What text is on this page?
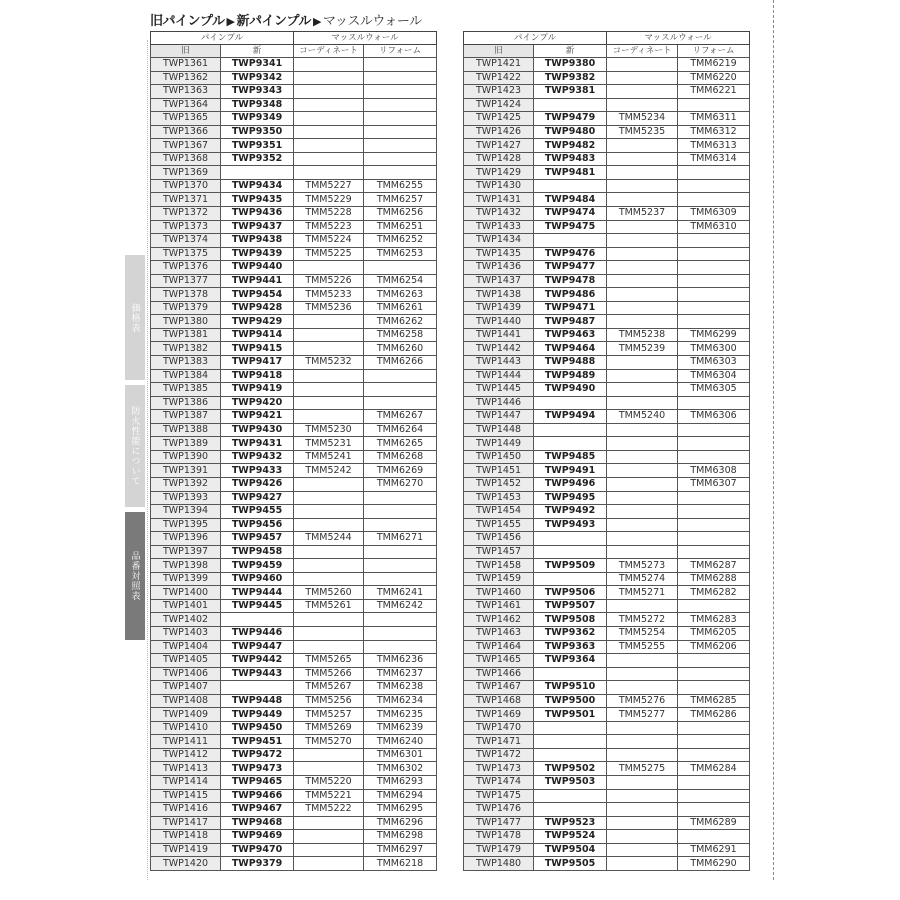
旧パインプル ▶ 新パインプル ▶ マッスルウォール
価格表
防火性能について
品番対照表
パインプル		マッスルウォール	
旧	新	コーディネート	リフォーム
TWP1361	TWP9341		
TWP1362	TWP9342		
TWP1363	TWP9343		
TWP1364	TWP9348		
TWP1365	TWP9349		
TWP1366	TWP9350		
TWP1367	TWP9351		
TWP1368	TWP9352		
TWP1369			
TWP1370	TWP9434	TMM5227	TMM6255
TWP1371	TWP9435	TMM5229	TMM6257
TWP1372	TWP9436	TMM5228	TMM6256
TWP1373	TWP9437	TMM5223	TMM6251
TWP1374	TWP9438	TMM5224	TMM6252
TWP1375	TWP9439	TMM5225	TMM6253
TWP1376	TWP9440		
TWP1377	TWP9441	TMM5226	TMM6254
TWP1378	TWP9454	TMM5233	TMM6263
TWP1379	TWP9428	TMM5236	TMM6261
TWP1380	TWP9429		TMM6262
TWP1381	TWP9414		TMM6258
TWP1382	TWP9415		TMM6260
TWP1383	TWP9417	TMM5232	TMM6266
TWP1384	TWP9418		
TWP1385	TWP9419		
TWP1386	TWP9420		
TWP1387	TWP9421		TMM6267
TWP1388	TWP9430	TMM5230	TMM6264
TWP1389	TWP9431	TMM5231	TMM6265
TWP1390	TWP9432	TMM5241	TMM6268
TWP1391	TWP9433	TMM5242	TMM6269
TWP1392	TWP9426		TMM6270
TWP1393	TWP9427		
TWP1394	TWP9455		
TWP1395	TWP9456		
TWP1396	TWP9457	TMM5244	TMM6271
TWP1397	TWP9458		
TWP1398	TWP9459		
TWP1399	TWP9460		
TWP1400	TWP9444	TMM5260	TMM6241
TWP1401	TWP9445	TMM5261	TMM6242
TWP1402			
TWP1403	TWP9446		
TWP1404	TWP9447		
TWP1405	TWP9442	TMM5265	TMM6236
TWP1406	TWP9443	TMM5266	TMM6237
TWP1407		TMM5267	TMM6238
TWP1408	TWP9448	TMM5256	TMM6234
TWP1409	TWP9449	TMM5257	TMM6235
TWP1410	TWP9450	TMM5269	TMM6239
TWP1411	TWP9451	TMM5270	TMM6240
TWP1412	TWP9472		TMM6301
TWP1413	TWP9473		TMM6302
TWP1414	TWP9465	TMM5220	TMM6293
TWP1415	TWP9466	TMM5221	TMM6294
TWP1416	TWP9467	TMM5222	TMM6295
TWP1417	TWP9468		TMM6296
TWP1418	TWP9469		TMM6298
TWP1419	TWP9470		TMM6297
TWP1420	TWP9379		TMM6218
パインプル		マッスルウォール	
旧	新	コーディネート	リフォーム
TWP1421	TWP9380		TMM6219
TWP1422	TWP9382		TMM6220
TWP1423	TWP9381		TMM6221
TWP1424			
TWP1425	TWP9479	TMM5234	TMM6311
TWP1426	TWP9480	TMM5235	TMM6312
TWP1427	TWP9482		TMM6313
TWP1428	TWP9483		TMM6314
TWP1429	TWP9481		
TWP1430			
TWP1431	TWP9484		
TWP1432	TWP9474	TMM5237	TMM6309
TWP1433	TWP9475		TMM6310
TWP1434			
TWP1435	TWP9476		
TWP1436	TWP9477		
TWP1437	TWP9478		
TWP1438	TWP9486		
TWP1439	TWP9471		
TWP1440	TWP9487		
TWP1441	TWP9463	TMM5238	TMM6299
TWP1442	TWP9464	TMM5239	TMM6300
TWP1443	TWP9488		TMM6303
TWP1444	TWP9489		TMM6304
TWP1445	TWP9490		TMM6305
TWP1446			
TWP1447	TWP9494	TMM5240	TMM6306
TWP1448			
TWP1449			
TWP1450	TWP9485		
TWP1451	TWP9491		TMM6308
TWP1452	TWP9496		TMM6307
TWP1453	TWP9495		
TWP1454	TWP9492		
TWP1455	TWP9493		
TWP1456			
TWP1457			
TWP1458	TWP9509	TMM5273	TMM6287
TWP1459		TMM5274	TMM6288
TWP1460	TWP9506	TMM5271	TMM6282
TWP1461	TWP9507		
TWP1462	TWP9508	TMM5272	TMM6283
TWP1463	TWP9362	TMM5254	TMM6205
TWP1464	TWP9363	TMM5255	TMM6206
TWP1465	TWP9364		
TWP1466			
TWP1467	TWP9510		
TWP1468	TWP9500	TMM5276	TMM6285
TWP1469	TWP9501	TMM5277	TMM6286
TWP1470			
TWP1471			
TWP1472			
TWP1473	TWP9502	TMM5275	TMM6284
TWP1474	TWP9503		
TWP1475			
TWP1476			
TWP1477	TWP9523		TMM6289
TWP1478	TWP9524		
TWP1479	TWP9504		TMM6291
TWP1480	TWP9505		TMM6290
